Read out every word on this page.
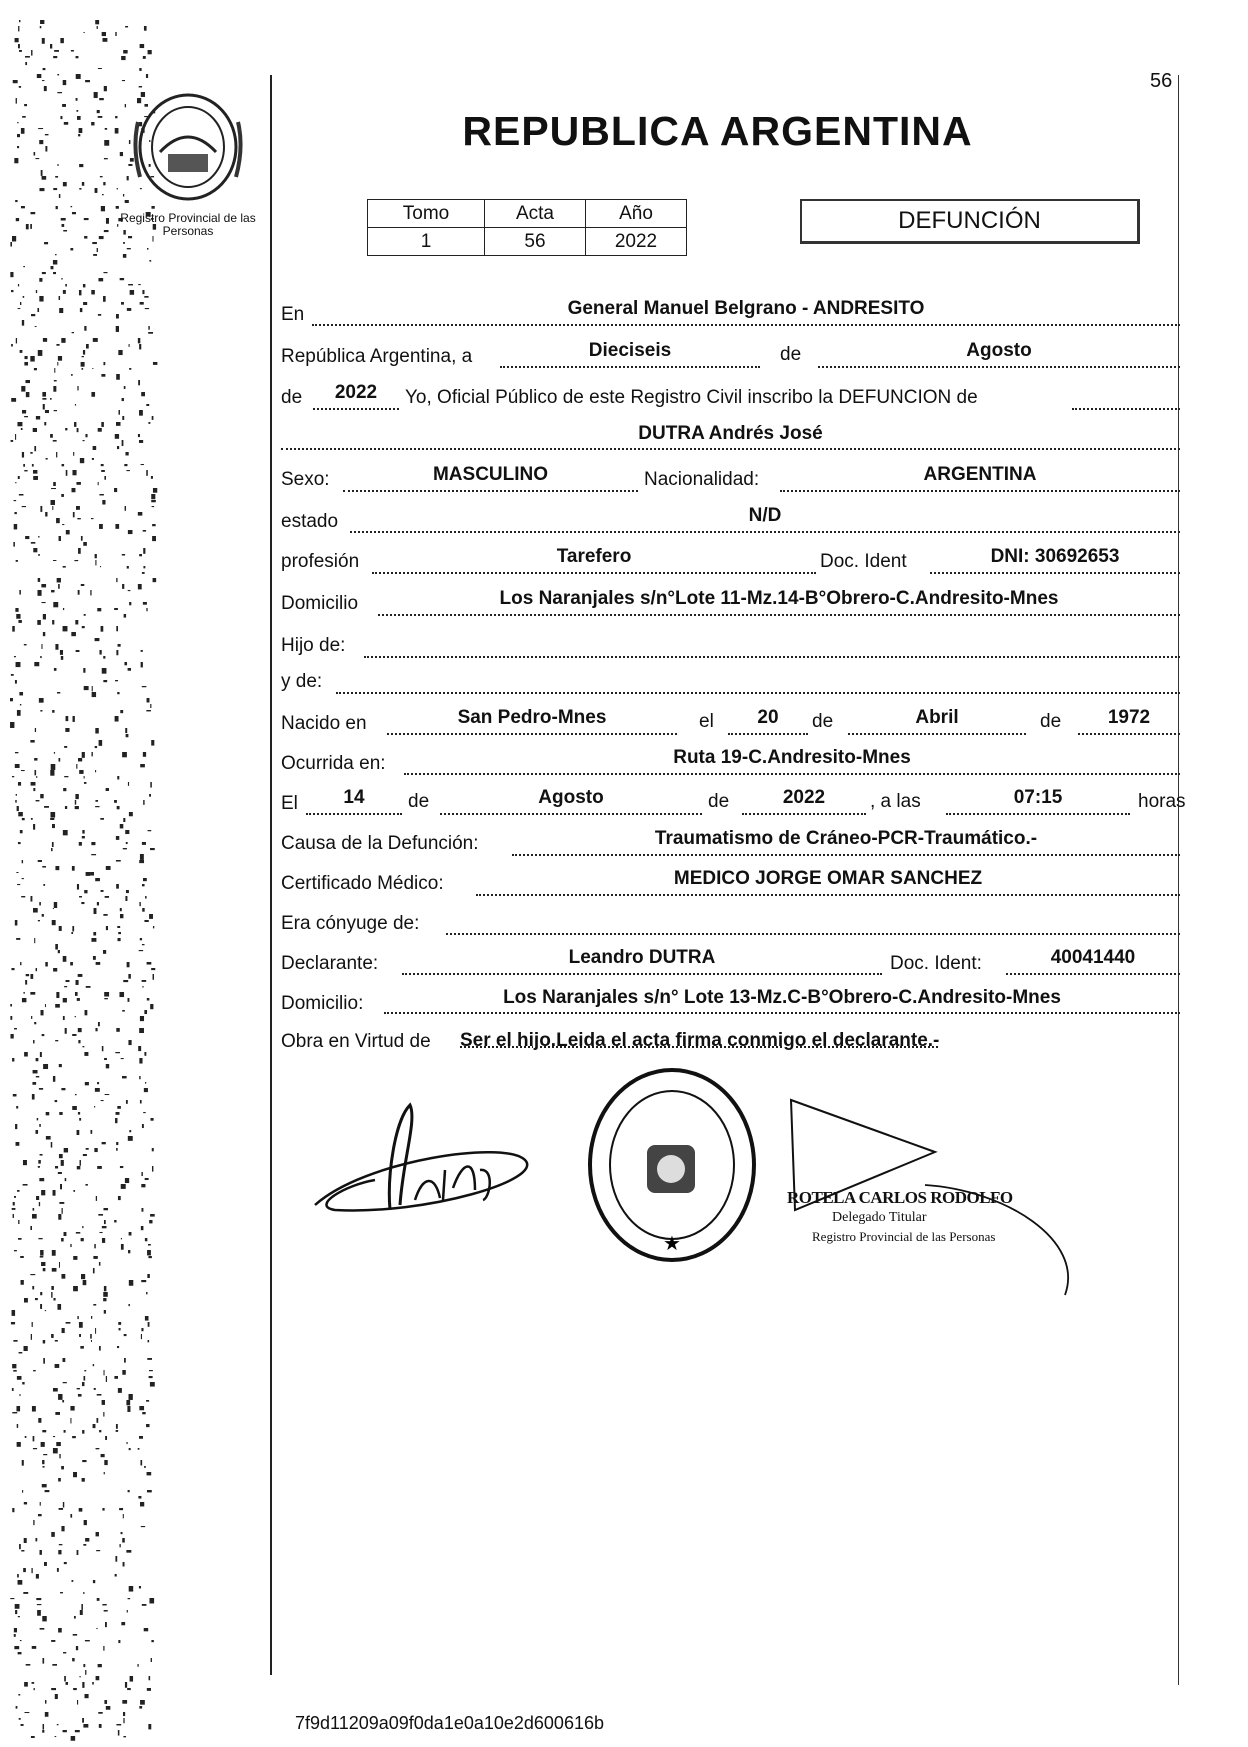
56
Registro Provincial de las Personas
REPUBLICA ARGENTINA
Tomo	Acta	Año
1	56	2022
DEFUNCIÓN
En	General Manuel Belgrano - ANDRESITO
República Argentina, a	Dieciseis	de	Agosto
de	2022	Yo, Oficial Público de este Registro Civil inscribo la DEFUNCION de
DUTRA Andrés José
Sexo:	MASCULINO	Nacionalidad:	ARGENTINA
estado	N/D
profesión	Tarefero	Doc. Ident	DNI: 30692653
Domicilio	Los Naranjales s/n°Lote 11-Mz.14-B°Obrero-C.Andresito-Mnes
Hijo de:
y de:
Nacido en	San Pedro-Mnes	el	20	de	Abril	de	1972
Ocurrida en:	Ruta 19-C.Andresito-Mnes
El	14	de	Agosto	de	2022	, a las	07:15	horas
Causa de la Defunción:	Traumatismo de Cráneo-PCR-Traumático.-
Certificado Médico:	MEDICO JORGE OMAR SANCHEZ
Era cónyuge de:
Declarante:	Leandro DUTRA	Doc. Ident:	40041440
Domicilio:	Los Naranjales s/n° Lote 13-Mz.C-B°Obrero-C.Andresito-Mnes
Obra en Virtud de Ser el hijo.Leida el acta firma conmigo el declarante.-
★
ROTELA CARLOS RODOLFO
Delegado Titular
Registro Provincial de las Personas
7f9d11209a09f0da1e0a10e2d600616b
